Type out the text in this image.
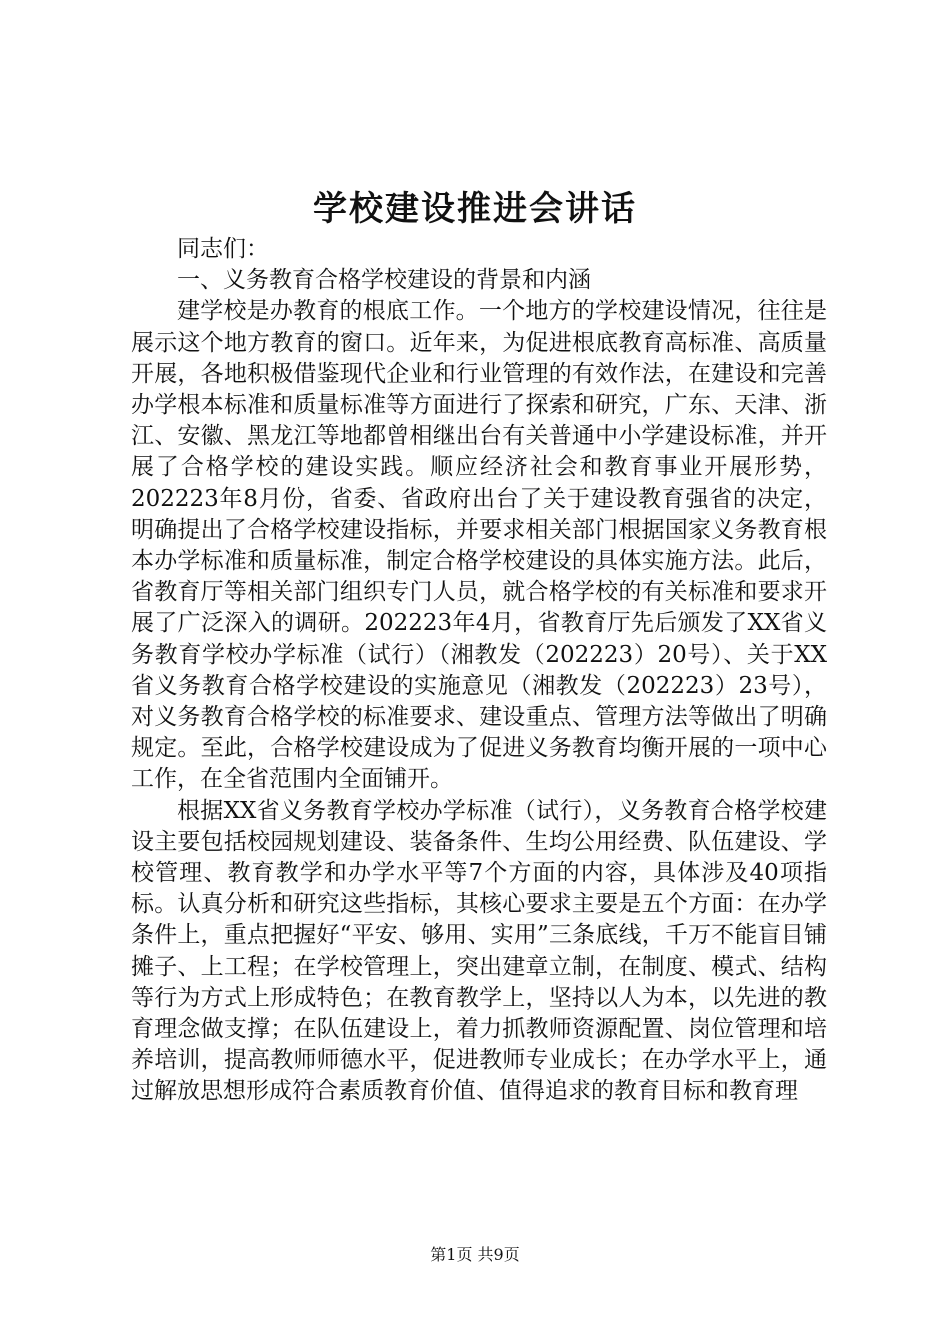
学校建设推进会讲话

同志们：

一、义务教育合格学校建设的背景和内涵

建学校是办教育的根底工作。一个地方的学校建设情况，往往是展示这个地方教育的窗口。近年来，为促进根底教育高标准、高质量开展，各地积极借鉴现代企业和行业管理的有效作法，在建设和完善办学根本标准和质量标准等方面进行了探索和研究，广东、天津、浙江、安徽、黑龙江等地都曾相继出台有关普通中小学建设标准，并开展了合格学校的建设实践。顺应经济社会和教育事业开展形势，202223年8月份，省委、省政府出台了关于建设教育强省的决定，明确提出了合格学校建设指标，并要求相关部门根据国家义务教育根本办学标准和质量标准，制定合格学校建设的具体实施方法。此后，省教育厅等相关部门组织专门人员，就合格学校的有关标准和要求开展了广泛深入的调研。202223年4月，省教育厅先后颁发了XX省义务教育学校办学标准（试行）（湘教发（202223）20号）、关于XX省义务教育合格学校建设的实施意见（湘教发（202223）23号），对义务教育合格学校的标准要求、建设重点、管理方法等做出了明确规定。至此，合格学校建设成为了促进义务教育均衡开展的一项中心工作，在全省范围内全面铺开。

根据XX省义务教育学校办学标准（试行），义务教育合格学校建设主要包括校园规划建设、装备条件、生均公用经费、队伍建设、学校管理、教育教学和办学水平等7个方面的内容，具体涉及40项指标。认真分析和研究这些指标，其核心要求主要是五个方面：在办学条件上，重点把握好“平安、够用、实用”三条底线，千万不能盲目铺摊子、上工程；在学校管理上，突出建章立制，在制度、模式、结构等行为方式上形成特色；在教育教学上，坚持以人为本，以先进的教育理念做支撑；在队伍建设上，着力抓教师资源配置、岗位管理和培养培训，提高教师师德水平，促进教师专业成长；在办学水平上，通过解放思想形成符合素质教育价值、值得追求的教育目标和教育理

第1页 共9页
